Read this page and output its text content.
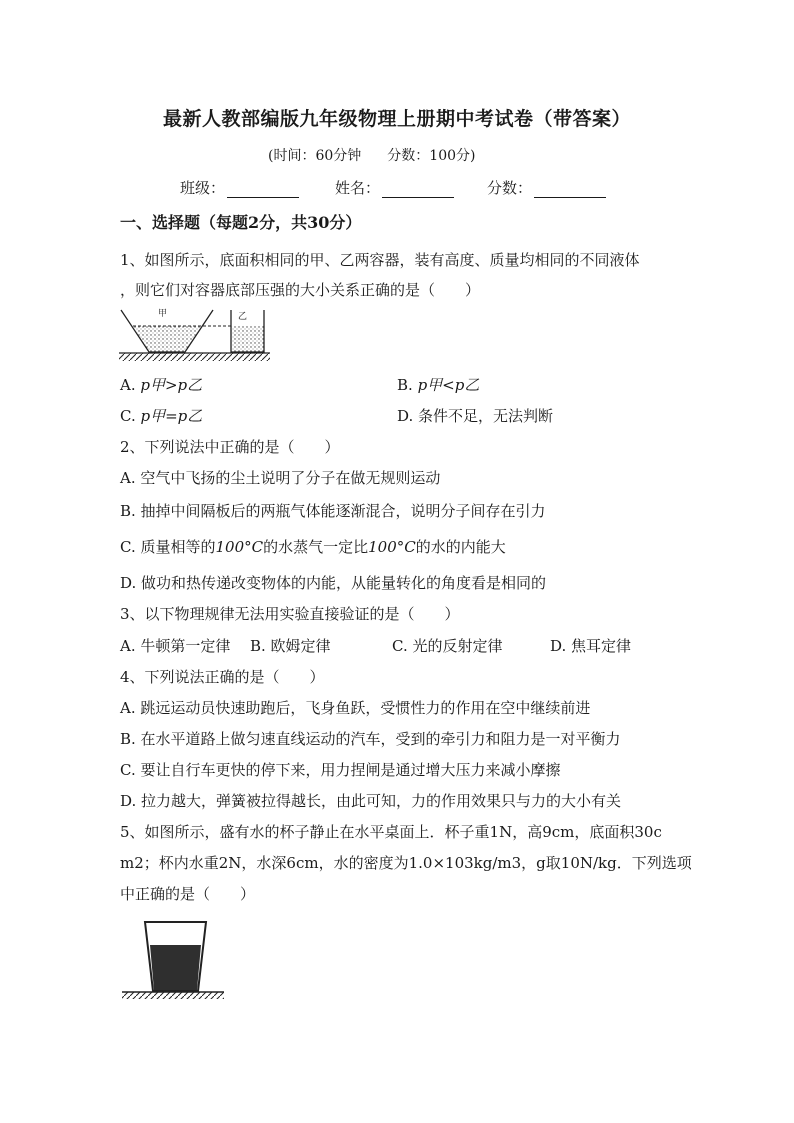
最新人教部编版九年级物理上册期中考试卷（带答案）
(时间：60分钟 分数：100分)
班级：	姓名：	分数：
一、选择题（每题2分，共30分）
1、如图所示，底面积相同的甲、乙两容器，装有高度、质量均相同的不同液体
，则它们对容器底部压强的大小关系正确的是（　　）
甲	乙
A. p甲>p乙	B. p甲<p乙
C. p甲=p乙	D. 条件不足，无法判断
2、下列说法中正确的是（　　）
A. 空气中飞扬的尘土说明了分子在做无规则运动
B. 抽掉中间隔板后的两瓶气体能逐渐混合，说明分子间存在引力
C. 质量相等的100°C的水蒸气一定比100°C的水的内能大
D. 做功和热传递改变物体的内能，从能量转化的角度看是相同的
3、以下物理规律无法用实验直接验证的是（　　）
A. 牛顿第一定律 B. 欧姆定律	C. 光的反射定律	D. 焦耳定律
4、下列说法正确的是（　　）
A. 跳远运动员快速助跑后，飞身鱼跃，受惯性力的作用在空中继续前进
B. 在水平道路上做匀速直线运动的汽车，受到的牵引力和阻力是一对平衡力
C. 要让自行车更快的停下来，用力捏闸是通过增大压力来减小摩擦
D. 拉力越大，弹簧被拉得越长，由此可知，力的作用效果只与力的大小有关
5、如图所示，盛有水的杯子静止在水平桌面上．杯子重1N，高9cm，底面积30c
m2；杯内水重2N，水深6cm，水的密度为1.0×103kg/m3，g取10N/kg．下列选项
中正确的是（　　）
